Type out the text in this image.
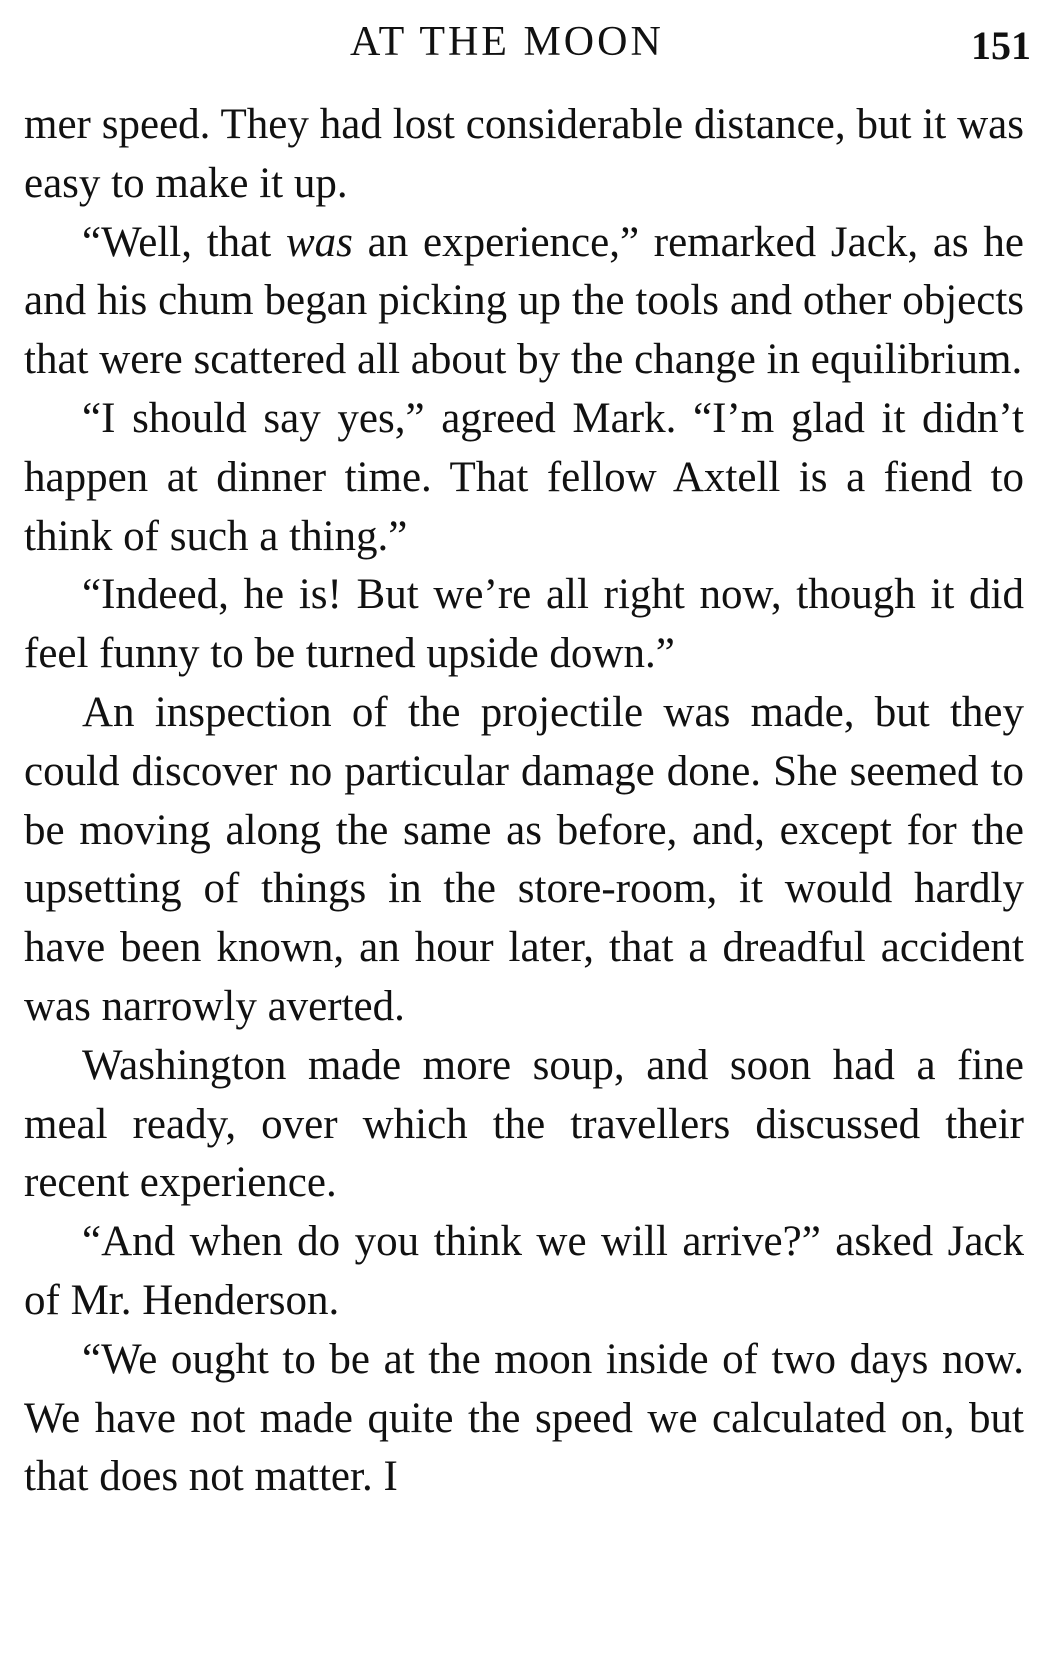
AT THE MOON	151

mer speed. They had lost considerable distance, but it was easy to make it up.

“Well, that was an experience,” remarked Jack, as he and his chum began picking up the tools and other objects that were scattered all about by the change in equilibrium.

“I should say yes,” agreed Mark. “I’m glad it didn’t happen at dinner time. That fellow Axtell is a fiend to think of such a thing.”

“Indeed, he is! But we’re all right now, though it did feel funny to be turned upside down.”

An inspection of the projectile was made, but they could discover no particular damage done. She seemed to be moving along the same as before, and, except for the upsetting of things in the store-room, it would hardly have been known, an hour later, that a dreadful accident was narrowly averted.

Washington made more soup, and soon had a fine meal ready, over which the travellers discussed their recent experience.

“And when do you think we will arrive?” asked Jack of Mr. Henderson.

“We ought to be at the moon inside of two days now. We have not made quite the speed we calculated on, but that does not matter. I
